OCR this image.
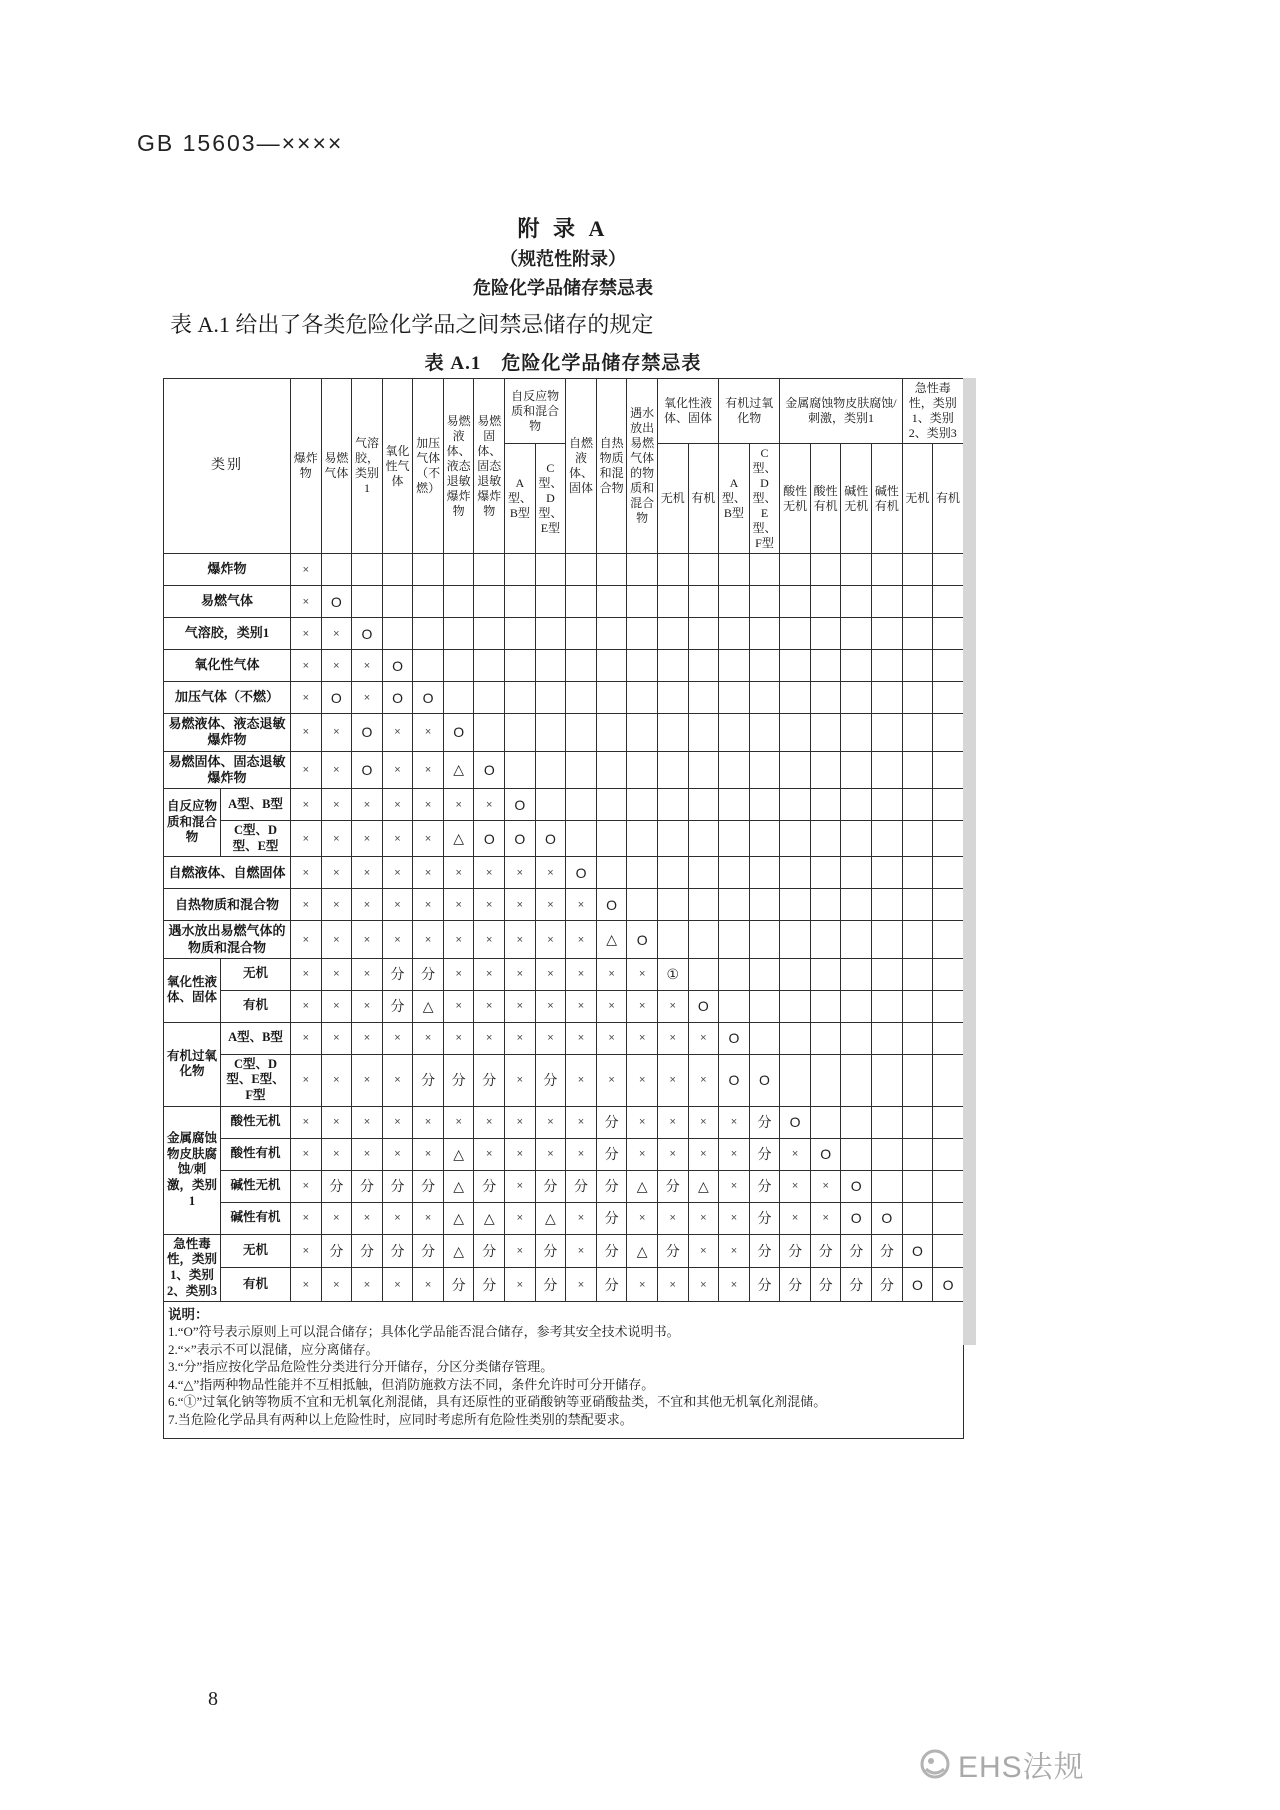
GB 15603—××××
附 录 A
（规范性附录）
危险化学品储存禁忌表
表 A.1 给出了各类危险化学品之间禁忌储存的规定
表 A.1　危险化学品储存禁忌表
类别		爆炸物	易燃气体	气溶胶，类别1	氧化性气体	加压气体（不燃）	易燃液体、液态退敏爆炸物	易燃固体、固态退敏爆炸物	自反应物质和混合物		自燃液体、固体	自热物质和混合物	遇水放出易燃气体的物质和混合物	氧化性液体、固体		有机过氧化物		金属腐蚀物皮肤腐蚀/刺激，类别1				急性毒性，类别1、类别2、类别3	
									A型、B型	C型、D型、E型				无机	有机	A型、B型	C型、D型、E型、F型	酸性无机	酸性有机	碱性无机	碱性有机	无机	有机
爆炸物		×																					
易燃气体		×	O																				
气溶胶，类别1		×	×	O																			
氧化性气体		×	×	×	O																		
加压气体（不燃）		×	O	×	O	O																	
易燃液体、液态退敏爆炸物		×	×	O	×	×	O																
易燃固体、固态退敏爆炸物		×	×	O	×	×	△	O															
自反应物质和混合物	A型、B型	×	×	×	×	×	×	×	O														
	C型、D型、E型	×	×	×	×	×	△	O	O	O													
自燃液体、自燃固体		×	×	×	×	×	×	×	×	×	O												
自热物质和混合物		×	×	×	×	×	×	×	×	×	×	O											
遇水放出易燃气体的物质和混合物		×	×	×	×	×	×	×	×	×	×	△	O										
氧化性液体、固体	无机	×	×	×	分	分	×	×	×	×	×	×	×	①									
	有机	×	×	×	分	△	×	×	×	×	×	×	×	×	O								
有机过氧化物	A型、B型	×	×	×	×	×	×	×	×	×	×	×	×	×	×	O							
	C型、D型、E型、F型	×	×	×	×	分	分	分	×	分	×	×	×	×	×	O	O						
金属腐蚀物皮肤腐蚀/刺激，类别1	酸性无机	×	×	×	×	×	×	×	×	×	×	分	×	×	×	×	分	O					
	酸性有机	×	×	×	×	×	△	×	×	×	×	分	×	×	×	×	分	×	O				
	碱性无机	×	分	分	分	分	△	分	×	分	分	分	△	分	△	×	分	×	×	O			
	碱性有机	×	×	×	×	×	△	△	×	△	×	分	×	×	×	×	分	×	×	O	O		
急性毒性，类别1、类别2、类别3	无机	×	分	分	分	分	△	分	×	分	×	分	△	分	×	×	分	分	分	分	分	O	
	有机	×	×	×	×	×	分	分	×	分	×	分	×	×	×	×	分	分	分	分	分	O	O

说明：
1.“O”符号表示原则上可以混合储存；具体化学品能否混合储存，参考其安全技术说明书。
2.“×”表示不可以混储，应分离储存。
3.“分”指应按化学品危险性分类进行分开储存，分区分类储存管理。
4.“△”指两种物品性能并不互相抵触，但消防施救方法不同，条件允许时可分开储存。
6.“①”过氧化钠等物质不宜和无机氧化剂混储，具有还原性的亚硝酸钠等亚硝酸盐类，不宜和其他无机氧化剂混储。
7.当危险化学品具有两种以上危险性时，应同时考虑所有危险性类别的禁配要求。
8
EHS法规
